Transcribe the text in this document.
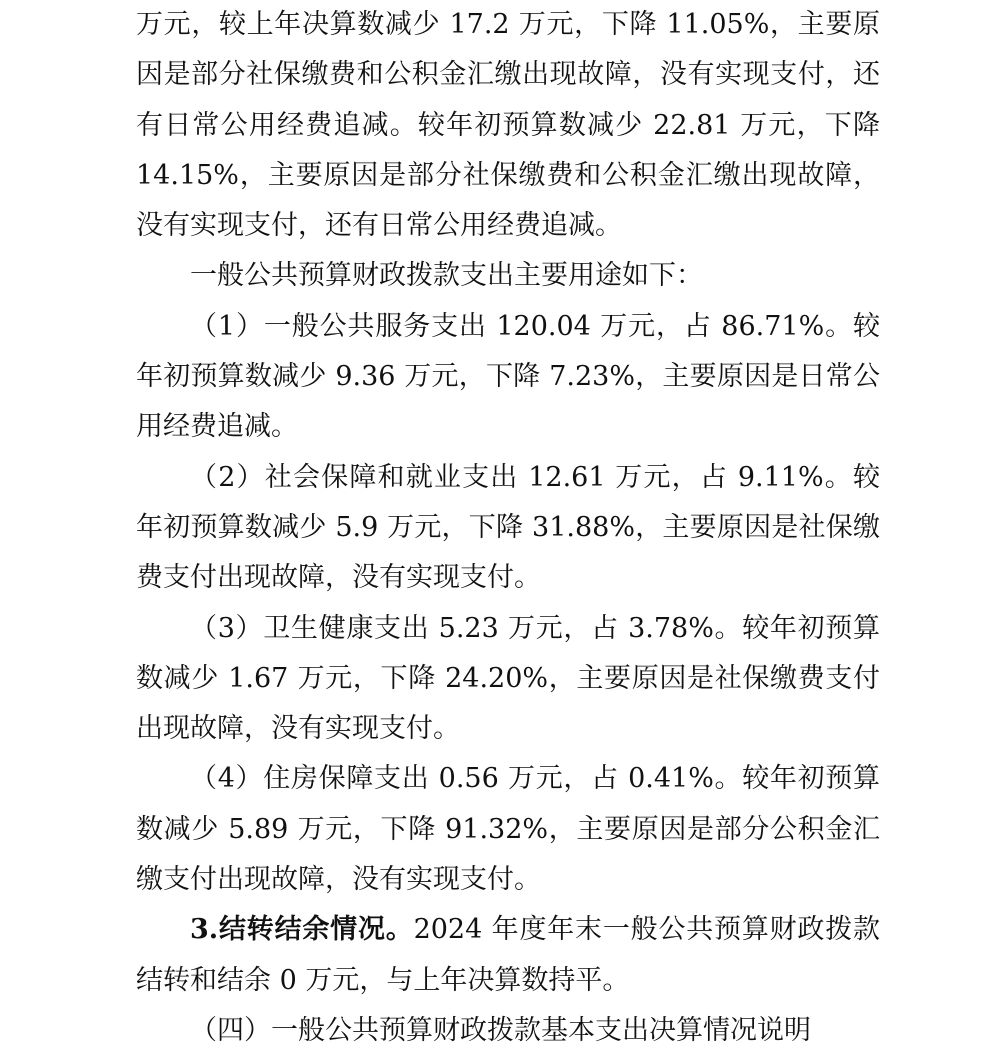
万元，较上年决算数减少 17.2 万元，下降 11.05%，主要原因是部分社保缴费和公积金汇缴出现故障，没有实现支付，还有日常公用经费追减。较年初预算数减少 22.81 万元，下降 14.15%，主要原因是部分社保缴费和公积金汇缴出现故障，没有实现支付，还有日常公用经费追减。

一般公共预算财政拨款支出主要用途如下：

（1）一般公共服务支出 120.04 万元，占 86.71%。较年初预算数减少 9.36 万元，下降 7.23%，主要原因是日常公用经费追减。

（2）社会保障和就业支出 12.61 万元，占 9.11%。较年初预算数减少 5.9 万元，下降 31.88%，主要原因是社保缴费支付出现故障，没有实现支付。

（3）卫生健康支出 5.23 万元，占 3.78%。较年初预算数减少 1.67 万元，下降 24.20%，主要原因是社保缴费支付出现故障，没有实现支付。

（4）住房保障支出 0.56 万元，占 0.41%。较年初预算数减少 5.89 万元，下降 91.32%，主要原因是部分公积金汇缴支付出现故障，没有实现支付。

3.结转结余情况。2024 年度年末一般公共预算财政拨款结转和结余 0 万元，与上年决算数持平。

（四）一般公共预算财政拨款基本支出决算情况说明
